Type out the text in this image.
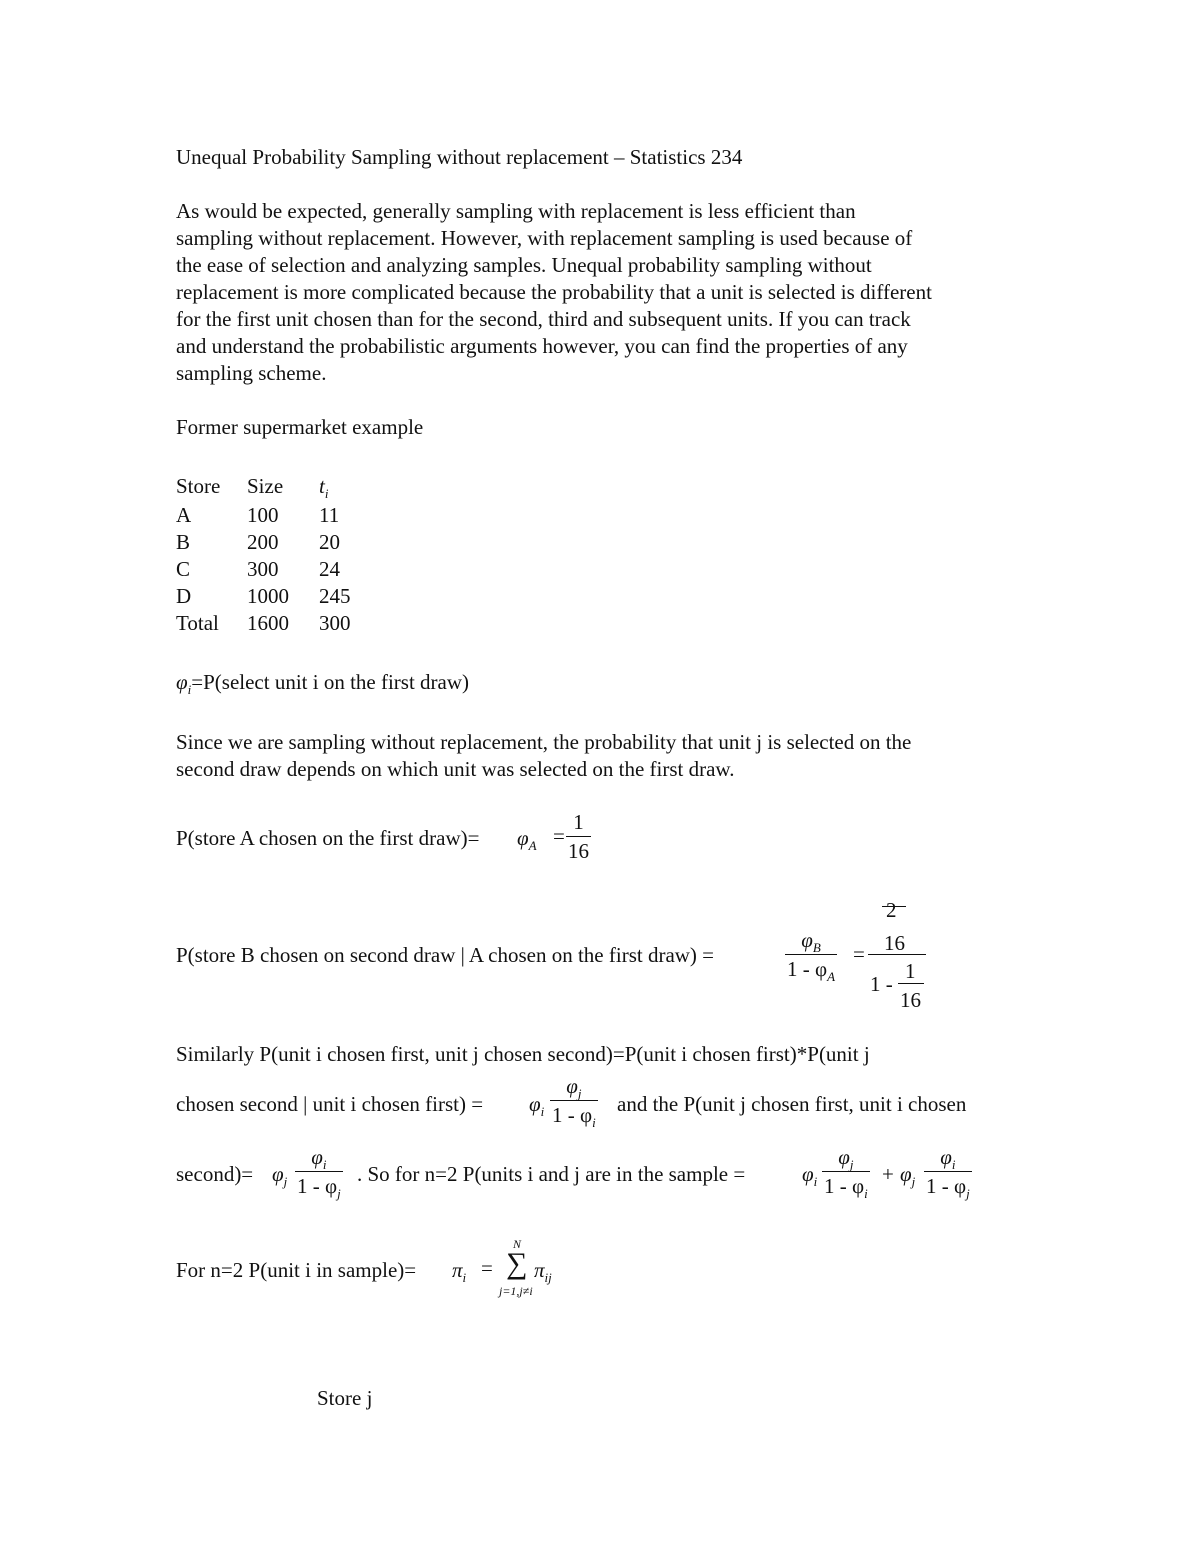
Unequal Probability Sampling without replacement – Statistics 234
As would be expected, generally sampling with replacement is less efficient than
sampling without replacement. However, with replacement sampling is used because of
the ease of selection and analyzing samples. Unequal probability sampling without
replacement is more complicated because the probability that a unit is selected is different
for the first unit chosen than for the second, third and subsequent units. If you can track
and understand the probabilistic arguments however, you can find the properties of any
sampling scheme.
Former supermarket example
Store	Size	$t_i$
A	100	11
B	200	20
C	300	24
D	1000	245
Total	1600	300
$\varphi_i=P(select$ unit i on the first draw)
Since we are sampling without replacement, the probability that unit j is selected on the
second draw depends on which unit was selected on the first draw.
P(store A chosen on the first draw)= $\varphi_A = \frac{1}{16}$
P(store B chosen on second draw | A chosen on the first draw) =	$\frac{\varphi_B}{1 - \varphi_A}$ =
2
16
1 -
1
16
Similarly P(unit i chosen first, unit j chosen second)=P(unit i chosen first)*P(unit j
chosen second | unit i chosen first) = $\varphi_i \frac{\varphi_j}{1 - \varphi_i}$ and the P(unit j chosen first, unit i chosen
second)= $\varphi_j \frac{\varphi_i}{1 - \varphi_j}$ . So for n=2 P(units i and j are in the sample =	$\varphi_i \frac{\varphi_j}{1 - \varphi_i} + \varphi_j \frac{\varphi_i}{1 - \varphi_j}$
For n=2 P(unit i in sample)= $\pi_i$ =
N
∑
j=1,j≠i
$\pi_{ij}$
Store j
